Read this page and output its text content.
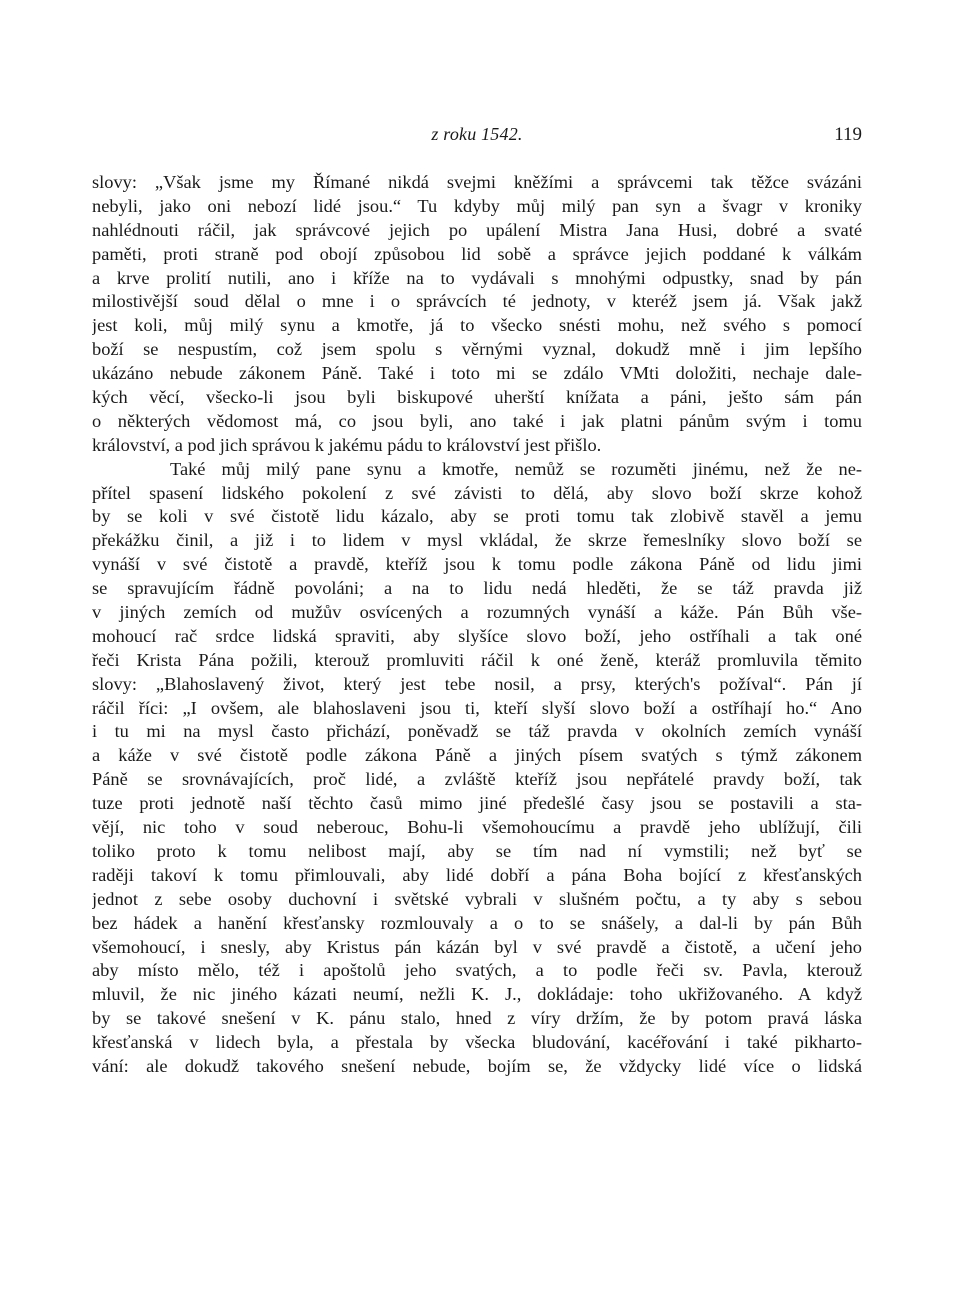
z roku 1542.	119
slovy: „Však jsme my Římané nikdá svejmi kněžími a správcemi tak těžce svázáni
nebyli, jako oni nebozí lidé jsou.“ Tu kdyby můj milý pan syn a švagr v kroniky
nahlédnouti ráčil, jak správcové jejich po upálení Mistra Jana Husi, dobré a svaté
paměti, proti straně pod obojí způsobou lid sobě a správce jejich poddané k válkám
a krve prolití nutili, ano i kříže na to vydávali s mnohými odpustky, snad by pán
milostivější soud dělal o mne i o správcích té jednoty, v kteréž jsem já. Však jakž
jest koli, můj milý synu a kmotře, já to všecko snésti mohu, než svého s pomocí
boží se nespustím, což jsem spolu s věrnými vyznal, dokudž mně i jim lepšího
ukázáno nebude zákonem Páně. Také i toto mi se zdálo VMti doložiti, nechaje dale-
kých věcí, všecko-li jsou byli biskupové uherští knížata a páni, ješto sám pán
o některých vědomost má, co jsou byli, ano také i jak platni pánům svým i tomu
království, a pod jich správou k jakému pádu to království jest přišlo.
Také můj milý pane synu a kmotře, nemůž se rozuměti jinému, než že ne-
přítel spasení lidského pokolení z své závisti to dělá, aby slovo boží skrze kohož
by se koli v své čistotě lidu kázalo, aby se proti tomu tak zlobivě stavěl a jemu
překážku činil, a již i to lidem v mysl vkládal, že skrze řemeslníky slovo boží se
vynáší v své čistotě a pravdě, kteříž jsou k tomu podle zákona Páně od lidu jimi
se spravujícím řádně povoláni; a na to lidu nedá hleděti, že se táž pravda již
v jiných zemích od mužův osvícených a rozumných vynáší a káže. Pán Bůh vše-
mohoucí rač srdce lidská spraviti, aby slyšíce slovo boží, jeho ostříhali a tak oné
řeči Krista Pána požili, kterouž promluviti ráčil k oné ženě, kteráž promluvila těmito
slovy: „Blahoslavený život, který jest tebe nosil, a prsy, kterých's požíval“. Pán jí
ráčil říci: „I ovšem, ale blahoslaveni jsou ti, kteří slyší slovo boží a ostříhají ho.“ Ano
i tu mi na mysl často přichází, poněvadž se táž pravda v okolních zemích vynáší
a káže v své čistotě podle zákona Páně a jiných písem svatých s týmž zákonem
Páně se srovnávajících, proč lidé, a zvláště kteříž jsou nepřátelé pravdy boží, tak
tuze proti jednotě naší těchto časů mimo jiné předešlé časy jsou se postavili a sta-
vějí, nic toho v soud neberouc, Bohu-li všemohoucímu a pravdě jeho ublížují, čili
toliko proto k tomu nelibost mají, aby se tím nad ní vymstili; než byť se
raději takoví k tomu přimlouvali, aby lidé dobří a pána Boha bojící z křesťanských
jednot z sebe osoby duchovní i světské vybrali v slušném počtu, a ty aby s sebou
bez hádek a hanění křesťansky rozmlouvaly a o to se snášely, a dal-li by pán Bůh
všemohoucí, i snesly, aby Kristus pán kázán byl v své pravdě a čistotě, a učení jeho
aby místo mělo, též i apoštolů jeho svatých, a to podle řeči sv. Pavla, kterouž
mluvil, že nic jiného kázati neumí, nežli K. J., dokládaje: toho ukřižovaného. A když
by se takové snešení v K. pánu stalo, hned z víry držím, že by potom pravá láska
křesťanská v lidech byla, a přestala by všecka bludování, kacéřování i také pikharto-
vání: ale dokudž takového snešení nebude, bojím se, že vždycky lidé více o lidská
